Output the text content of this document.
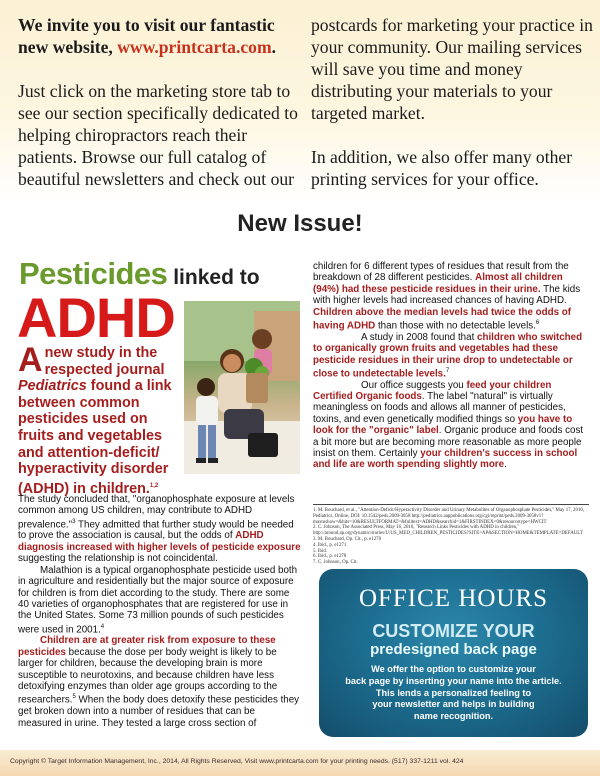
We invite you to visit our fantastic
new website, www.printcarta.com.

Just click on the marketing store tab to see our section specifically dedicated to helping chiropractors reach their patients. Browse our full catalog of beautiful newsletters and check out our

postcards for marketing your practice in your community. Our mailing services will save you time and money distributing your materials to your targeted market.

In addition, we also offer many other printing services for your office.

New Issue!
Pesticides linked to
ADHD
Anew study in the respected journal Pediatrics found a link between common pesticides used on fruits and vegetables and attention-deficit/ hyperactivity disorder (ADHD) in children.$^{1,2}$

The study concluded that, "organophosphate exposure at levels common among US children, may contribute to ADHD prevalence."$^3$ They admitted that further study would be needed to prove the association is causal, but the odds of ADHD diagnosis increased with higher levels of pesticide exposure suggesting the relationship is not coincidental.

Malathion is a typical organophosphate pesticide used both in agriculture and residentially but the major source of exposure for children is from diet according to the study. There are some 40 varieties of organophosphates that are registered for use in the United States. Some 73 million pounds of such pesticides were used in 2001.$^4$

Children are at greater risk from exposure to these pesticides because the dose per body weight is likely to be larger for children, because the developing brain is more susceptible to neurotoxins, and because children have less detoxifying enzymes than older age groups according to the researchers.$^5$ When the body does detoxify these pesticides they get broken down into a number of residues that can be measured in urine. They tested a large cross section of

children for 6 different types of residues that result from the breakdown of 28 different pesticides. Almost all children (94%) had these pesticide residues in their urine. The kids with higher levels had increased chances of having ADHD. Children above the median levels had twice the odds of having ADHD than those with no detectable levels.$^6$

A study in 2008 found that children who switched to organically grown fruits and vegetables had these pesticide residues in their urine drop to undetectable or close to undetectable levels.$^7$

Our office suggests you feed your children Certified Organic foods. The label "natural" is virtually meaningless on foods and allows all manner of pesticides, toxins, and even genetically modified things so you have to look for the "organic" label. Organic produce and foods cost a bit more but are becoming more reasonable as more people insist on them. Certainly your children's success in school and life are worth spending slightly more.

1. M. Bouchard, et al., "Attention-Deficit/Hyperactivity Disorder and Urinary Metabolites of Organophosphate Pesticides," May 17, 2010, Pediatrics, Online, DOI: 10.1542/peds.2009-3058 http://pediatrics.aappublications.org/cgi/reprint/peds.2009-3058v1?maxtoshow=&hits=10&RESULTFORMAT=&fulltext=ADHD&searchid=1&FIRSTINDEX=0&resourcetype=HWCIT
2. C. Johnson, The Associated Press, May 16, 2010, "Research Links Pesticides with ADHD in children," http://around.ap.org/dynamic/stories/U/US_MED_CHILDREN_PESTICIDES?SITE=AP&SECTION=HOME&TEMPLATE=DEFAULT
3. M. Bouchard, Op. Cit., p. e1270
4. Ibid., p. e1271
5. Ibid.
6. Ibid., p. e1278
7. C. Johnson, Op. Cit.
OFFICE HOURS
CUSTOMIZE YOUR
predesigned back page
We offer the option to customize your
back page by inserting your name into the article.
This lends a personalized feeling to
your newsletter and helps in building
name recognition.
Copyright © Target Information Management, Inc., 2014, All Rights Reserved, Visit www.printcarta.com for your printing needs. (517) 337-1211 vol. 424
